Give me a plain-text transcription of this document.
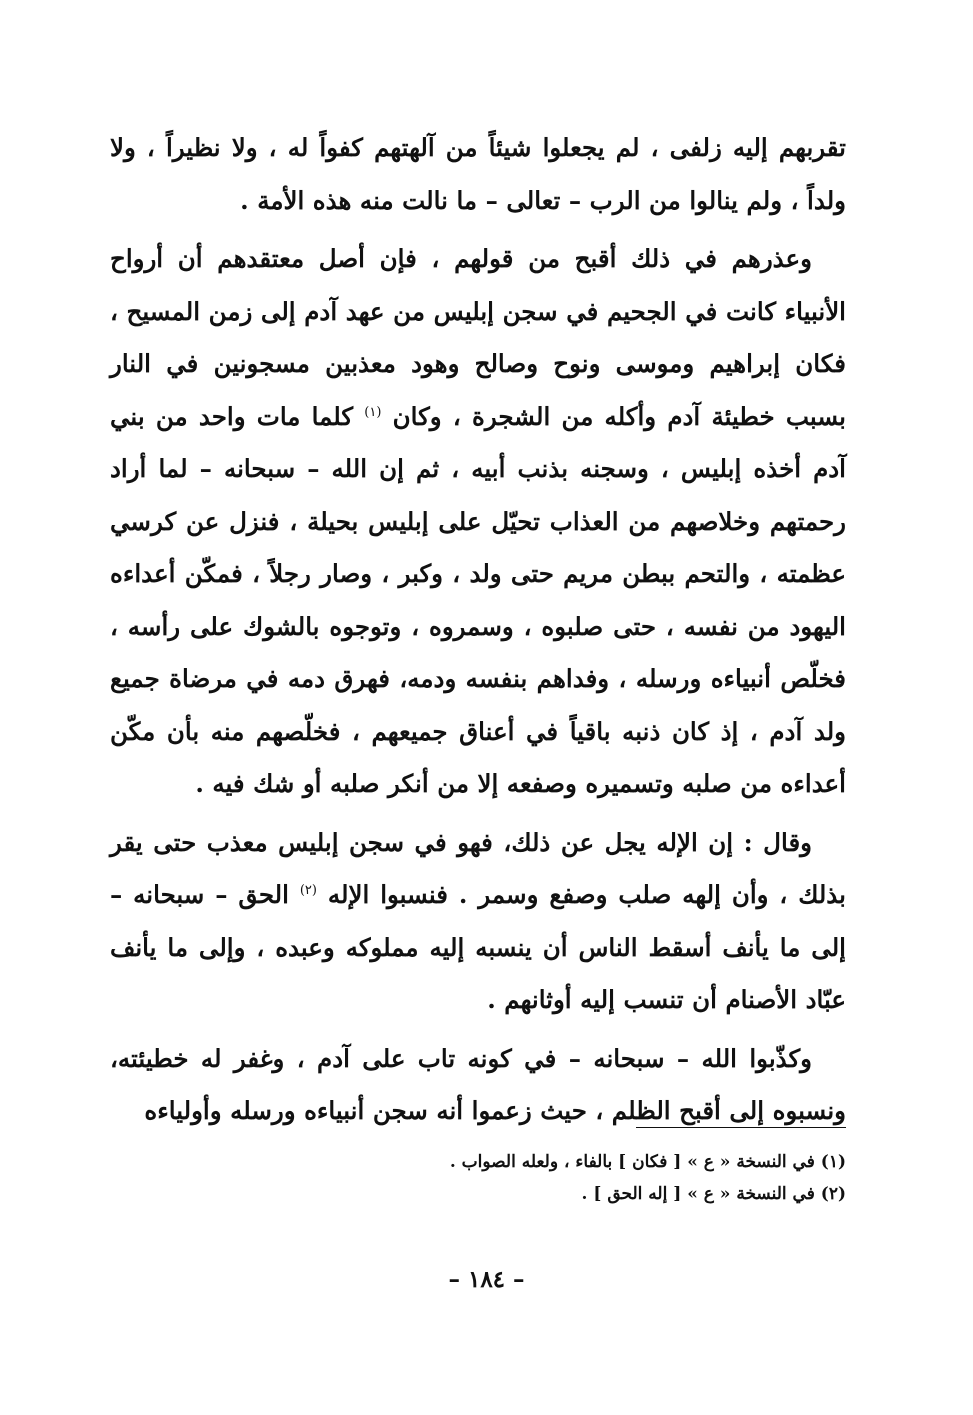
تقربهم إليه زلفى ، لم يجعلوا شيئاً من آلهتهم كفواً له ، ولا نظيراً ، ولا ولداً ، ولم ينالوا من الرب – تعالى – ما نالت منه هذه الأمة .

وعذرهم في ذلك أقبح من قولهم ، فإن أصل معتقدهم أن أرواح الأنبياء كانت في الجحيم في سجن إبليس من عهد آدم إلى زمن المسيح ، فكان إبراهيم وموسى ونوح وصالح وهود معذبين مسجونين في النار بسبب خطيئة آدم وأكله من الشجرة ، وكان $^{(١)}$ كلما مات واحد من بني آدم أخذه إبليس ، وسجنه بذنب أبيه ، ثم إن الله – سبحانه – لما أراد رحمتهم وخلاصهم من العذاب تحيّل على إبليس بحيلة ، فنزل عن كرسي عظمته ، والتحم ببطن مريم حتى ولد ، وكبر ، وصار رجلاً ، فمكّن أعداءه اليهود من نفسه ، حتى صلبوه ، وسمروه ، وتوجوه بالشوك على رأسه ، فخلّص أنبياءه ورسله ، وفداهم بنفسه ودمه، فهرق دمه في مرضاة جميع ولد آدم ، إذ كان ذنبه باقياً في أعناق جميعهم ، فخلّصهم منه بأن مكّن أعداءه من صلبه وتسميره وصفعه إلا من أنكر صلبه أو شك فيه .

وقال : إن الإله يجل عن ذلك، فهو في سجن إبليس معذب حتى يقر بذلك ، وأن إلهه صلب وصفع وسمر . فنسبوا الإله $^{(٢)}$ الحق – سبحانه – إلى ما يأنف أسقط الناس أن ينسبه إليه مملوكه وعبده ، وإلى ما يأنف عبّاد الأصنام أن تنسب إليه أوثانهم .

وكذّبوا الله – سبحانه – في كونه تاب على آدم ، وغفر له خطيئته، ونسبوه إلى أقبح الظلم ، حيث زعموا أنه سجن أنبياءه ورسله وأولياءه

(١) في النسخة « ع » [ فكان ] بالفاء ، ولعله الصواب .

(٢) في النسخة « ع » [ إله الحق ] .

– ١٨٤ –
